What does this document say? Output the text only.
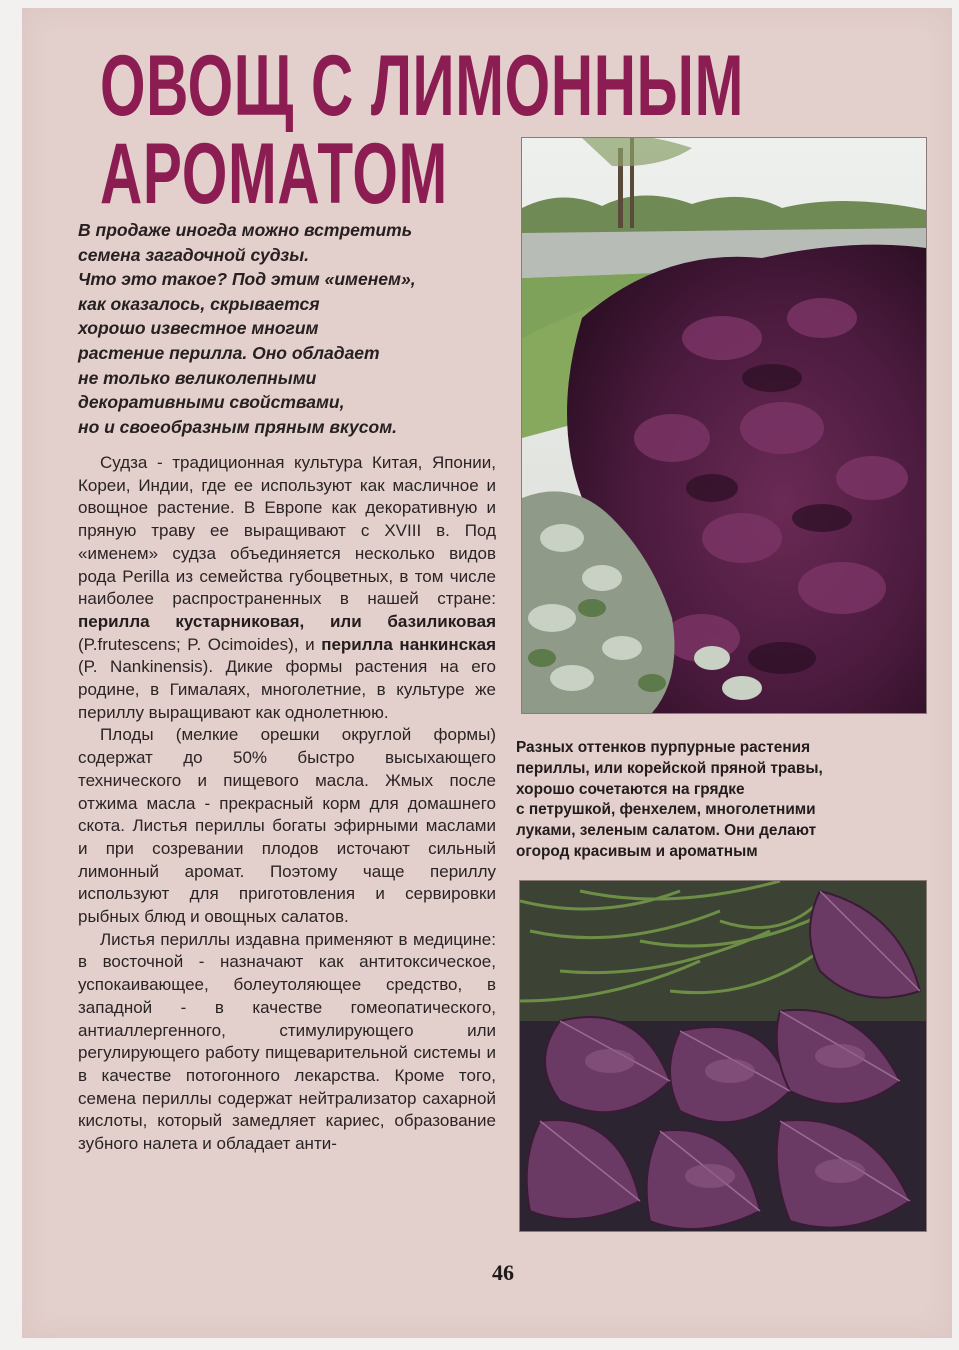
ОВОЩ С ЛИМОННЫМ
АРОМАТОМ
В продаже иногда можно встретить
семена загадочной судзы.
Что это такое? Под этим «именем»,
как оказалось, скрывается
хорошо известное многим
растение перилла. Оно обладает
не только великолепными
декоративными свойствами,
но и своеобразным пряным вкусом.

Судза - традиционная культура Китая, Японии, Кореи, Индии, где ее используют как масличное и овощное растение. В Европе как декоративную и пряную траву ее выращивают с XVIII в. Под «именем» судза объединяется несколько видов рода Perilla из семейства губоцветных, в том числе наиболее распространенных в нашей стране: перилла кустарниковая, или базиликовая (P.frutescens; P. Ocimoides), и перилла нанкинская (P. Nankinensis). Дикие формы растения на его родине, в Гималаях, многолетние, в культуре же периллу выращивают как однолетнюю.

Плоды (мелкие орешки округлой формы) содержат до 50% быстро высыхающего технического и пищевого масла. Жмых после отжима масла - прекрасный корм для домашнего скота. Листья периллы богаты эфирными маслами и при созревании плодов источают сильный лимонный аромат. Поэтому чаще периллу используют для приготовления и сервировки рыбных блюд и овощных салатов.

Листья периллы издавна применяют в медицине: в восточной - назначают как антитоксическое, успокаивающее, болеутоляющее средство, в западной - в качестве гомеопатического, антиаллергенного, стимулирующего или регулирующего работу пищеварительной системы и в качестве потогонного лекарства. Кроме того, семена периллы содержат нейтрализатор сахарной кислоты, который замедляет кариес, образование зубного налета и обладает анти-

Разных оттенков пурпурные растения
периллы, или корейской пряной травы,
хорошо сочетаются на грядке
с петрушкой, фенхелем, многолетними
луками, зеленым салатом. Они делают
огород красивым и ароматным
46
